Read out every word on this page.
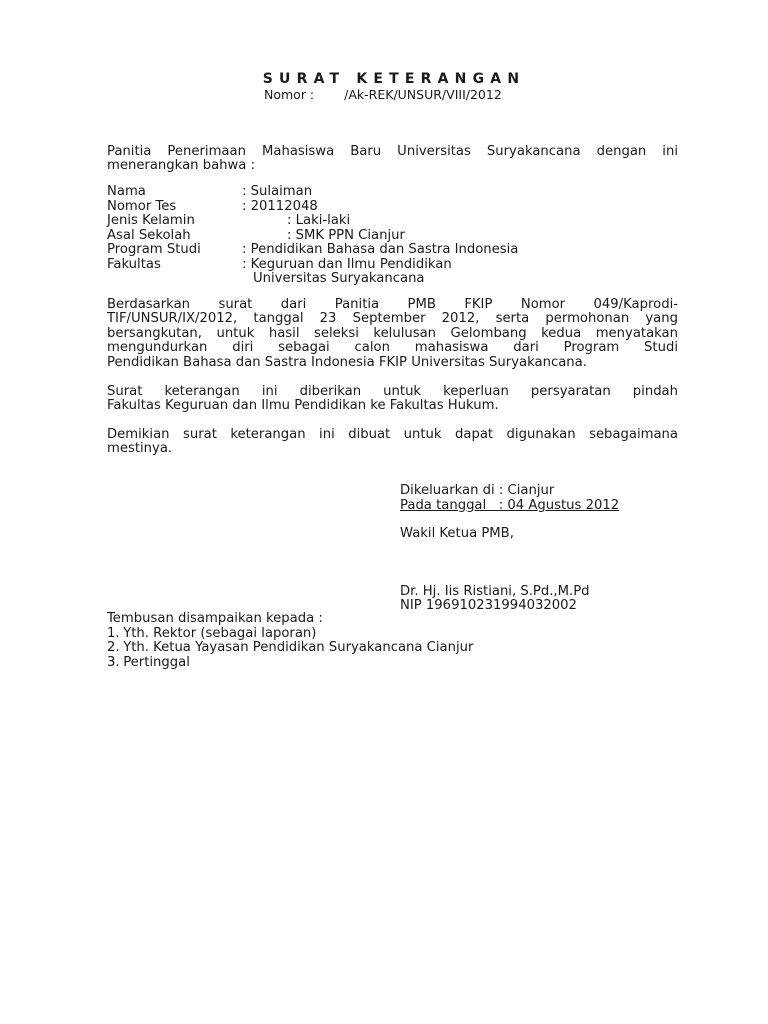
SURAT KETERANGAN
Nomor : /Ak-REK/UNSUR/VIII/2012
Panitia Penerimaan Mahasiswa Baru Universitas Suryakancana dengan ini
menerangkan bahwa :
Nama	: Sulaiman
Nomor Tes	: 20112048
Jenis Kelamin	: Laki-laki
Asal Sekolah	: SMK PPN Cianjur
Program Studi	: Pendidikan Bahasa dan Sastra Indonesia
Fakultas	: Keguruan dan Ilmu Pendidikan
Universitas Suryakancana
Berdasarkan surat dari Panitia PMB FKIP Nomor 049/Kaprodi-
TIF/UNSUR/IX/2012, tanggal 23 September 2012, serta permohonan yang
bersangkutan, untuk hasil seleksi kelulusan Gelombang kedua menyatakan
mengundurkan diri sebagai calon mahasiswa dari Program Studi
Pendidikan Bahasa dan Sastra Indonesia FKIP Universitas Suryakancana.
Surat keterangan ini diberikan untuk keperluan persyaratan pindah
Fakultas Keguruan dan Ilmu Pendidikan ke Fakultas Hukum.
Demikian surat keterangan ini dibuat untuk dapat digunakan sebagaimana
mestinya.
Dikeluarkan di : Cianjur
Pada tanggal   : 04 Agustus 2012
Wakil Ketua PMB,
Dr. Hj. Iis Ristiani, S.Pd.,M.Pd
NIP 196910231994032002
Tembusan disampaikan kepada :
1. Yth. Rektor (sebagai laporan)
2. Yth. Ketua Yayasan Pendidikan Suryakancana Cianjur
3. Pertinggal
